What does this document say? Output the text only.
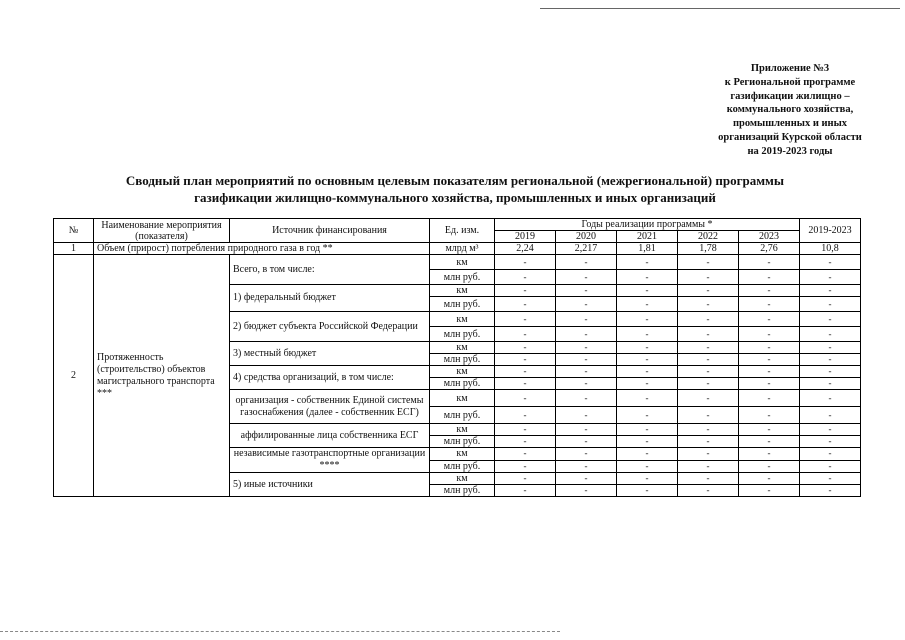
Приложение №3
к Региональной программе
газификации жилищно –
коммунального хозяйства,
промышленных и иных
организаций Курской области
на 2019-2023 годы
Сводный план мероприятий по основным целевым показателям региональной (межрегиональной) программы
газификации жилищно-коммунального хозяйства, промышленных и иных организаций
№	Наименование мероприятия (показателя)	Источник финансирования	Ед. изм.	Годы реализации программы *					2019-2023
				2019	2020	2021	2022	2023	
1	Объем (прирост) потребления природного газа в год **		млрд м³	2,24	2,217	1,81	1,78	2,76	10,8
2	Протяженность (строительство) объектов магистрального транспорта ***	Всего, в том числе:	км	-	-	-	-	-	-
			млн руб.	-	-	-	-	-	-
		1) федеральный бюджет	км	-	-	-	-	-	-
			млн руб.	-	-	-	-	-	-
		2) бюджет субъекта Российской Федерации	км	-	-	-	-	-	-
			млн руб.	-	-	-	-	-	-
		3) местный бюджет	км	-	-	-	-	-	-
			млн руб.	-	-	-	-	-	-
		4) средства организаций, в том числе:	км	-	-	-	-	-	-
			млн руб.	-	-	-	-	-	-
		организация - собственник Единой системы газоснабжения (далее - собственник ЕСГ)	км	-	-	-	-	-	-
			млн руб.	-	-	-	-	-	-
		аффилированные лица собственника ЕСГ	км	-	-	-	-	-	-
			млн руб.	-	-	-	-	-	-
		независимые газотранспортные организации ****	км	-	-	-	-	-	-
			млн руб.	-	-	-	-	-	-
		5) иные источники	км	-	-	-	-	-	-
			млн руб.	-	-	-	-	-	-
